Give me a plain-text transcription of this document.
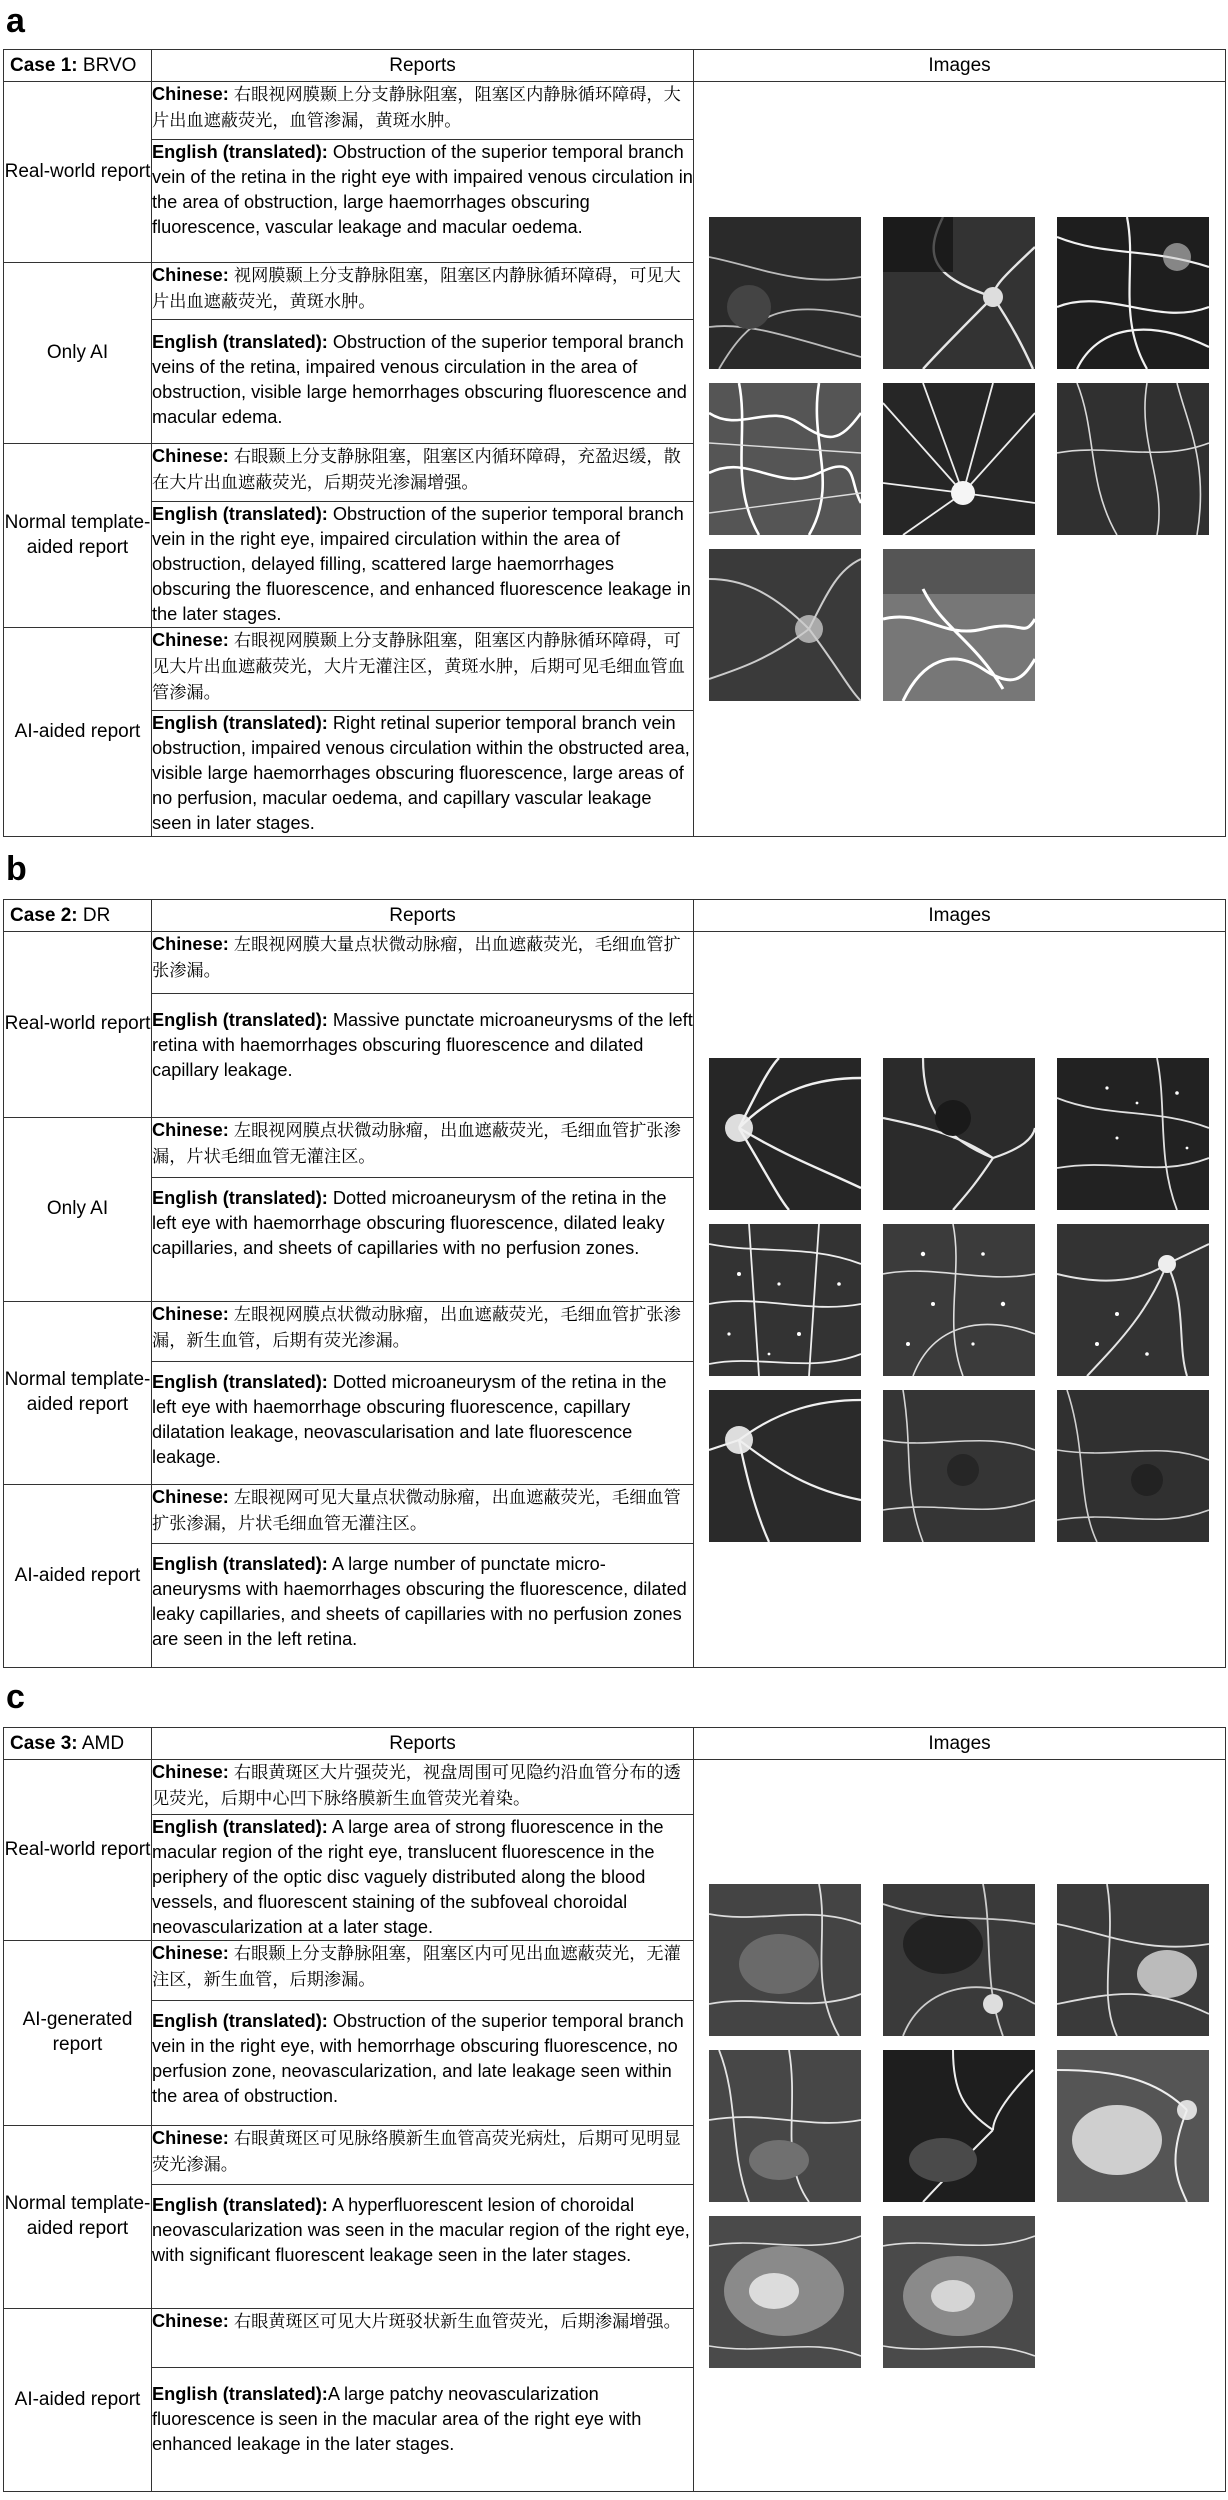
a
Case 1: BRVO	Reports	Images
Real-world report	Chinese: 右眼视网膜颞上分支静脉阻塞，阻塞区内静脉循环障碍，大片出血遮蔽荧光，血管渗漏，黄斑水肿。	

	English (translated): Obstruction of the superior temporal branch vein of the retina in the right eye with impaired venous circulation in the area of obstruction, large haemorrhages obscuring fluorescence, vascular leakage and macular oedema.	
Only AI	Chinese: 视网膜颞上分支静脉阻塞，阻塞区内静脉循环障碍，可见大片出血遮蔽荧光，黄斑水肿。	
	English (translated): Obstruction of the superior temporal branch veins of the retina, impaired venous circulation in the area of obstruction, visible large hemorrhages obscuring fluorescence and macular edema.	
Normal template-aided report	Chinese: 右眼颞上分支静脉阻塞，阻塞区内循环障碍，充盈迟缓，散在大片出血遮蔽荧光，后期荧光渗漏增强。	
	English (translated): Obstruction of the superior temporal branch vein in the right eye, impaired circulation within the area of obstruction, delayed filling, scattered large haemorrhages obscuring the fluorescence, and enhanced fluorescence leakage in the later stages.	
AI-aided report	Chinese: 右眼视网膜颞上分支静脉阻塞，阻塞区内静脉循环障碍，可见大片出血遮蔽荧光，大片无灌注区，黄斑水肿，后期可见毛细血管血管渗漏。	
	English (translated): Right retinal superior temporal branch vein obstruction, impaired venous circulation within the obstructed area, visible large haemorrhages obscuring fluorescence, large areas of no perfusion, macular oedema, and capillary vascular leakage seen in later stages.	
b
Case 2: DR	Reports	Images
Real-world report	Chinese: 左眼视网膜大量点状微动脉瘤，出血遮蔽荧光，毛细血管扩张渗漏。	

	English (translated): Massive punctate microaneurysms of the left retina with haemorrhages obscuring fluorescence and dilated capillary leakage.	
Only AI	Chinese: 左眼视网膜点状微动脉瘤，出血遮蔽荧光，毛细血管扩张渗漏，片状毛细血管无灌注区。	
	English (translated): Dotted microaneurysm of the retina in the left eye with haemorrhage obscuring fluorescence, dilated leaky capillaries, and sheets of capillaries with no perfusion zones.	
Normal template-aided report	Chinese: 左眼视网膜点状微动脉瘤，出血遮蔽荧光，毛细血管扩张渗漏，新生血管，后期有荧光渗漏。	
	English (translated): Dotted microaneurysm of the retina in the left eye with haemorrhage obscuring fluorescence, capillary dilatation leakage, neovascularisation and late fluorescence leakage.	
AI-aided report	Chinese: 左眼视网可见大量点状微动脉瘤，出血遮蔽荧光，毛细血管扩张渗漏，片状毛细血管无灌注区。	
	English (translated): A large number of punctate micro-aneurysms with haemorrhages obscuring the fluorescence, dilated leaky capillaries, and sheets of capillaries with no perfusion zones are seen in the left retina.	
c
Case 3: AMD	Reports	Images
Real-world report	Chinese: 右眼黄斑区大片强荧光，视盘周围可见隐约沿血管分布的透见荧光，后期中心凹下脉络膜新生血管荧光着染。	

	English (translated): A large area of strong fluorescence in the macular region of the right eye, translucent fluorescence in the periphery of the optic disc vaguely distributed along the blood vessels, and fluorescent staining of the subfoveal choroidal neovascularization at a later stage.	
AI-generated report	Chinese: 右眼颞上分支静脉阻塞，阻塞区内可见出血遮蔽荧光，无灌注区，新生血管，后期渗漏。	
	English (translated): Obstruction of the superior temporal branch vein in the right eye, with hemorrhage obscuring fluorescence, no perfusion zone, neovascularization, and late leakage seen within the area of obstruction.	
Normal template-aided report	Chinese: 右眼黄斑区可见脉络膜新生血管高荧光病灶，后期可见明显荧光渗漏。	
	English (translated): A hyperfluorescent lesion of choroidal neovascularization was seen in the macular region of the right eye, with significant fluorescent leakage seen in the later stages.	
AI-aided report	Chinese: 右眼黄斑区可见大片斑驳状新生血管荧光，后期渗漏增强。	
	English (translated):A large patchy neovascularization fluorescence is seen in the macular area of the right eye with enhanced leakage in the later stages.	
